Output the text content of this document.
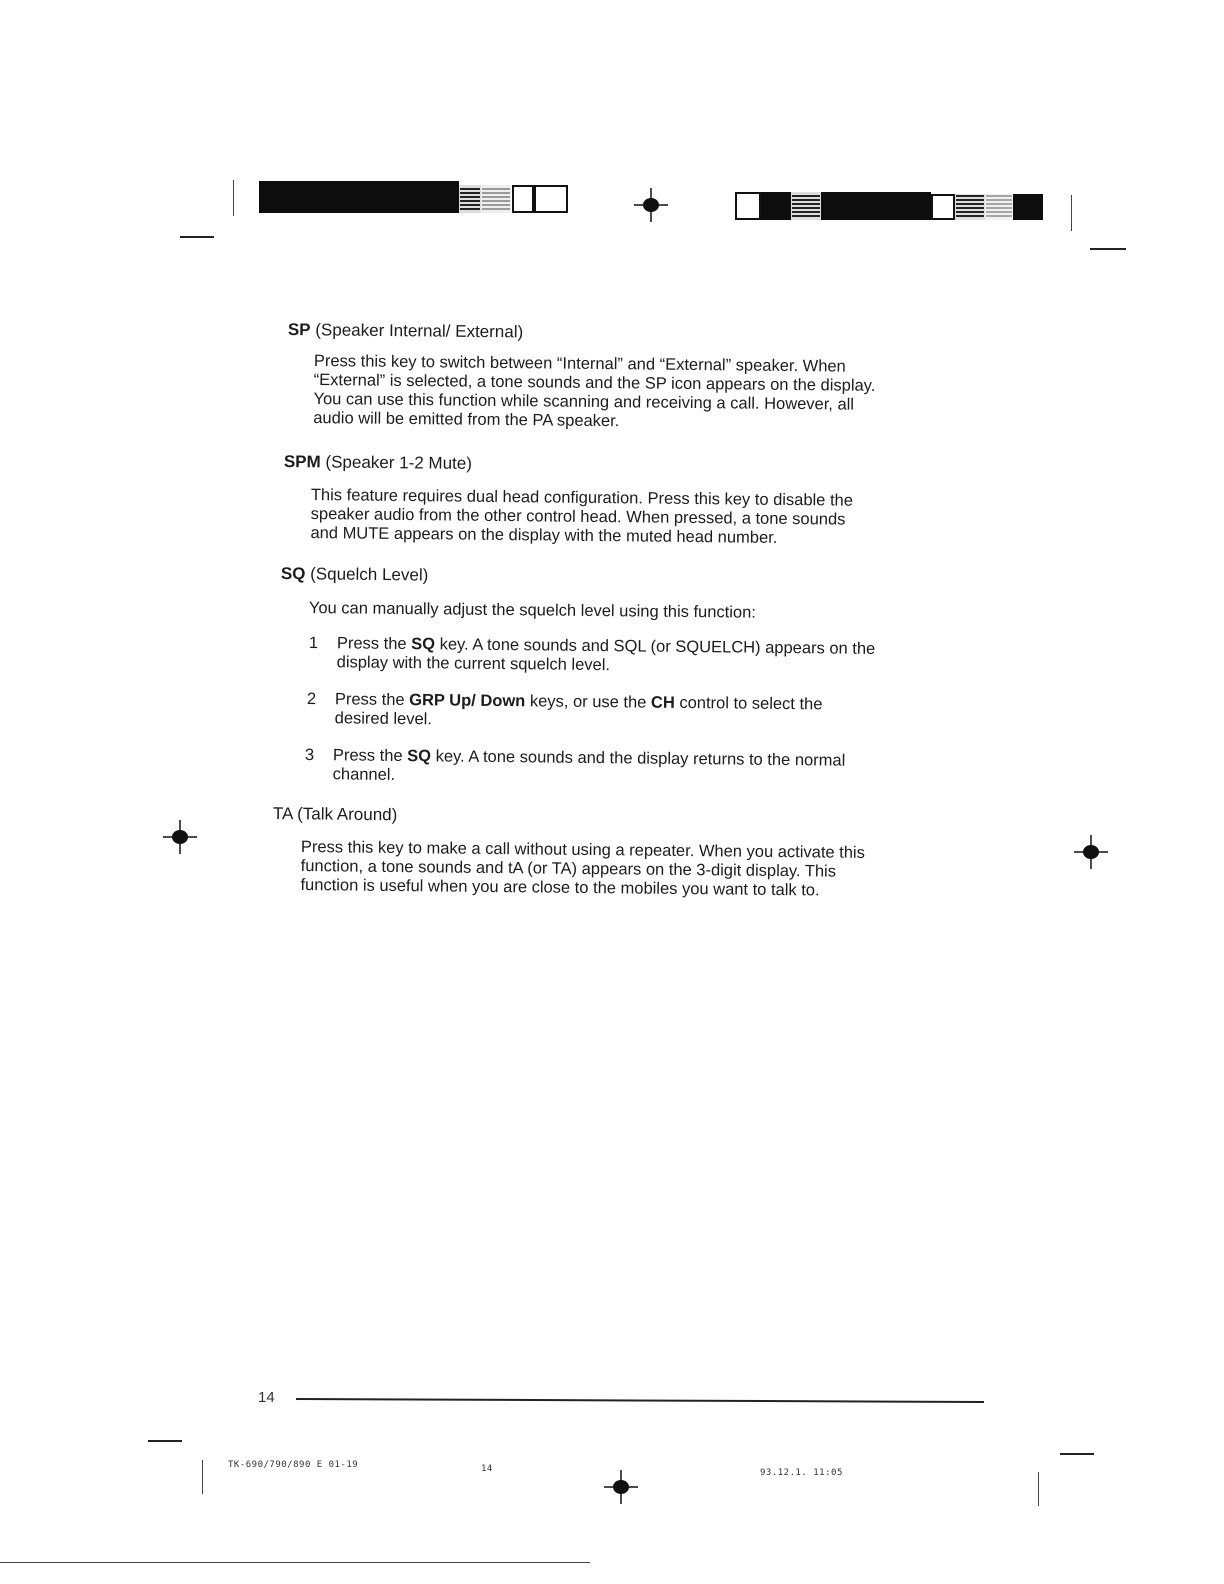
SP (Speaker Internal/ External)
Press this key to switch between “Internal” and “External” speaker. When
“External” is selected, a tone sounds and the SP icon appears on the display.
You can use this function while scanning and receiving a call. However, all
audio will be emitted from the PA speaker.
SPM (Speaker 1-2 Mute)
This feature requires dual head configuration. Press this key to disable the
speaker audio from the other control head. When pressed, a tone sounds
and MUTE appears on the display with the muted head number.
SQ (Squelch Level)
You can manually adjust the squelch level using this function:
1 Press the SQ key. A tone sounds and SQL (or SQUELCH) appears on the
display with the current squelch level.
2 Press the GRP Up/ Down keys, or use the CH control to select the
desired level.
3 Press the SQ key. A tone sounds and the display returns to the normal
channel.
TA (Talk Around)
Press this key to make a call without using a repeater. When you activate this
function, a tone sounds and tA (or TA) appears on the 3-digit display. This
function is useful when you are close to the mobiles you want to talk to.
14
TK-690/790/890 E 01-19	14	93.12.1. 11:05
